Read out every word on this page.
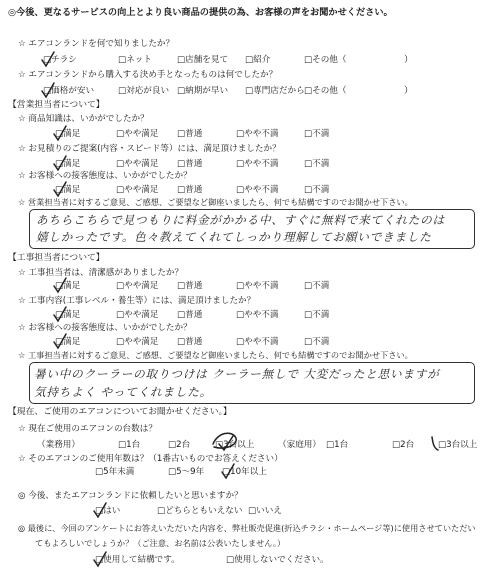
◎今後、更なるサービスの向上とより良い商品の提供の為、お客様の声をお聞かせください。
☆ エアコンランドを何で知りましたか？
□チラシ	□ネット	□店舗を見て □紹介	□その他（	）
☆ エアコンランドから購入する決め手となったものは何でしたか？
□価格が安い	□対応が良い □納期が早い □専門店だから □その他（	）
【営業担当者について】
☆ 商品知識は、いかがでしたか？
□満足	□やや満足 □普通	□やや不満	□不満
☆ お見積りのご提案(内容・スピード等）には、満足頂けましたか？
□満足	□やや満足 □普通	□やや不満	□不満
☆ お客様への接客態度は、いかがでしたか？
□満足	□やや満足 □普通	□やや不満	□不満
☆ 営業担当者に対するご意見、ご感想、ご要望など御座いましたら、何でも結構ですのでお聞かせ下さい。
あちらこちらで見つもりに料金がかかる中、すぐに無料で来てくれたのは
嬉しかったです。色々教えてくれてしっかり理解してお願いできました
【工事担当者について】
☆ 工事担当者は、清潔感がありましたか？
□満足	□やや満足 □普通	□やや不満	□不満
☆ 工事内容(工事レベル・養生等）には、満足頂けましたか？
□満足	□やや満足 □普通	□やや不満	□不満
☆ お客様への接客態度は、いかがでしたか？
□満足	□やや満足 □普通	□やや不満	□不満
☆ 工事担当者に対するご意見、ご感想、ご要望など御座いましたら、何でも結構ですのでお聞かせ下さい。
暑い中のクーラーの取りつけは クーラー無しで 大変だったと思いますが
気持ちよく やってくれました。
【現在、ご使用のエアコンについてお聞かせください。】
☆ 現在ご使用のエアコンの台数は？
（業務用）	□1台	□2台	□3台以上	（家庭用） □1台	□2台	□3台以上
☆ そのエアコンのご使用年数は？（1番古いものでお答えください）
□5年未満	□5〜9年 □10年以上
◎ 今後、またエアコンランドに依頼したいと思いますか？
□はい	□どちらともいえない □いいえ
◎ 最後に、今回のアンケートにお答えいただいた内容を、弊社販売促進(折込チラシ・ホームページ等)に使用させていただい
てもよろしいでしょうか？（ご注意、お名前は公表いたしません。）
□使用して結構です。	□使用しないでください。
